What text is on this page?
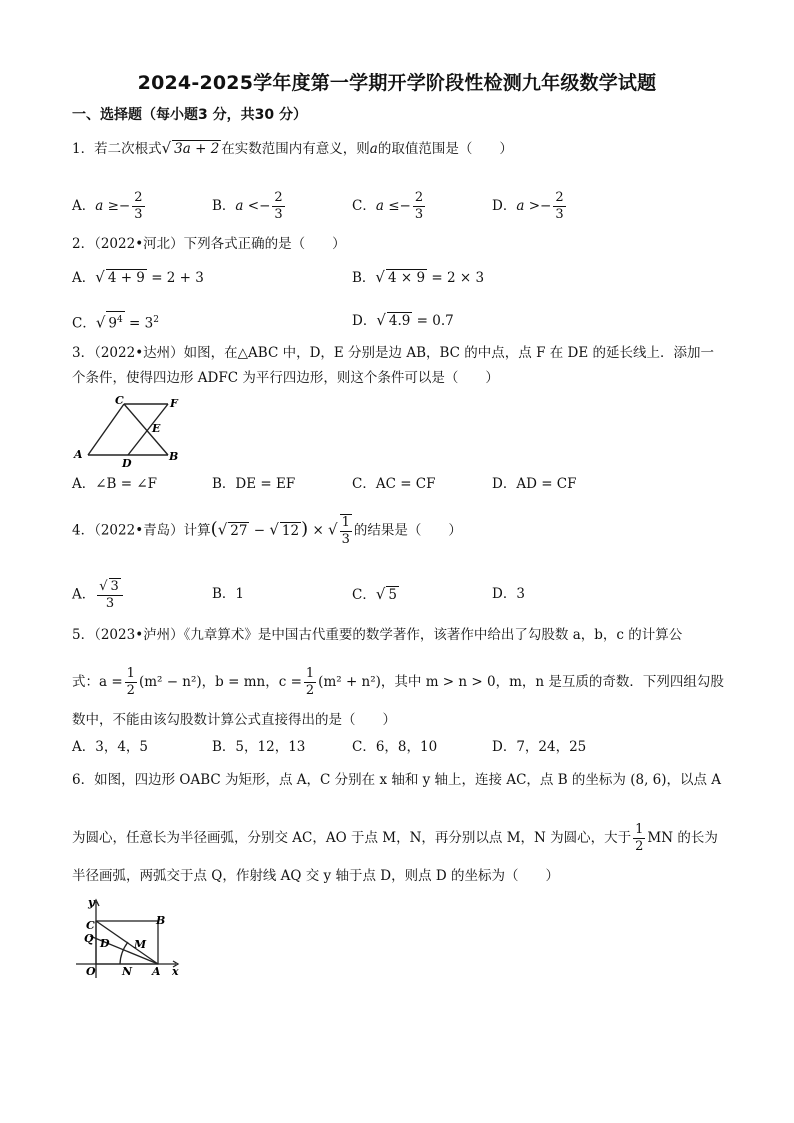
2024-2025学年度第一学期开学阶段性检测九年级数学试题
一、选择题（每小题3 分，共30 分）
1．若二次根式√ 3a + 2 在实数范围内有意义，则a的取值范围是（　　）
A．$a \ge- \frac{2}{3}$	B．$a <- \frac{2}{3}$	C．$a \le- \frac{2}{3}$	D．$a >- \frac{2}{3}$
2．（2022•河北）下列各式正确的是（　　）
A．√ 4 + 9 = 2 + 3	B．√ 4 × 9 = 2 × 3
C．√ $9^4 = 3^2$	D．√ 4.9 = 0.7
3．（2022•达州）如图，在△ABC 中，D，E 分别是边 AB，BC 的中点，点 F 在 DE 的延长线上．添加一
个条件，使得四边形 ADFC 为平行四边形，则这个条件可以是（　　）
C	F
E
A
D
B
A．∠B = ∠F	B．DE = EF	C．AC = CF	D．AD = CF
4．（2022•青岛）计算(√ 27 − √ 12 ) × √ $\frac{1}{3}$ 的结果是（　　）
A． $\frac{√ 3}{3}$	B．1	C．√ 5	D．3
5．（2023•泸州）《九章算术》是中国古代重要的数学著作，该著作中给出了勾股数 a，b，c 的计算公
式：$a = \frac{1}{2} (m^2 - n^2)$，b = mn，$c = \frac{1}{2} (m^2 + n^2)$，其中 m > n > 0，m，n 是互质的奇数．下列四组勾股
数中，不能由该勾股数计算公式直接得出的是（　　）
A．3，4，5	B．5，12，13	C．6，8，10	D．7，24，25
6．如图，四边形 OABC 为矩形，点 A，C 分别在 x 轴和 y 轴上，连接 AC，点 B 的坐标为 (8, 6)，以点 A
为圆心，任意长为半径画弧，分别交 AC，AO 于点 M，N，再分别以点 M，N 为圆心，大于 $\frac{1}{2}$ MN 的长为
半径画弧，两弧交于点 Q，作射线 AQ 交 y 轴于点 D，则点 D 的坐标为（　　）
y
C	B
Q D M
O N A x
